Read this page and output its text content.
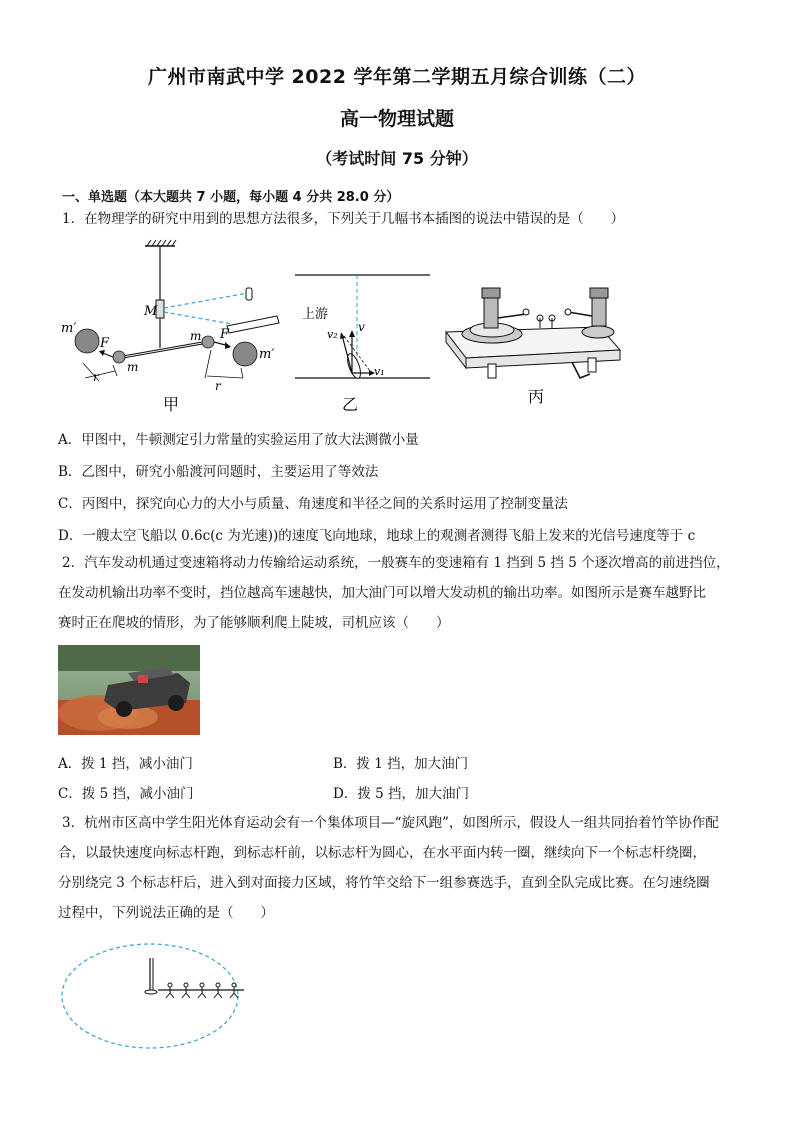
广州市南武中学 2022 学年第二学期五月综合训练（二）
高一物理试题
（考试时间 75 分钟）
一、单选题（本大题共 7 小题，每小题 4 分共 28.0 分）
1．在物理学的研究中用到的思想方法很多，下列关于几幅书本插图的说法中错误的是（　　）
M
m′
m′
m
m
F
F
r
r
甲
上游
v₂
v
v₁
乙	丙
A．甲图中，牛顿测定引力常量的实验运用了放大法测微小量
B．乙图中，研究小船渡河问题时，主要运用了等效法
C．丙图中，探究向心力的大小与质量、角速度和半径之间的关系时运用了控制变量法
D．一艘太空飞船以 0.6c(c 为光速))的速度飞向地球，地球上的观测者测得飞船上发来的光信号速度等于 c
2．汽车发动机通过变速箱将动力传输给运动系统，一般赛车的变速箱有 1 挡到 5 挡 5 个逐次增高的前进挡位，
在发动机输出功率不变时，挡位越高车速越快，加大油门可以增大发动机的输出功率。如图所示是赛车越野比
赛时正在爬坡的情形，为了能够顺利爬上陡坡，司机应该（　　）
A．拨 1 挡，减小油门	B．拨 1 挡，加大油门
C．拨 5 挡，减小油门	D．拨 5 挡，加大油门
3．杭州市区高中学生阳光体育运动会有一个集体项目—“旋风跑”，如图所示，假设人一组共同抬着竹竿协作配
合，以最快速度向标志杆跑，到标志杆前，以标志杆为圆心，在水平面内转一圈，继续向下一个标志杆绕圈，
分别绕完 3 个标志杆后，进入到对面接力区域，将竹竿交给下一组参赛选手，直到全队完成比赛。在匀速绕圈
过程中，下列说法正确的是（　　）
